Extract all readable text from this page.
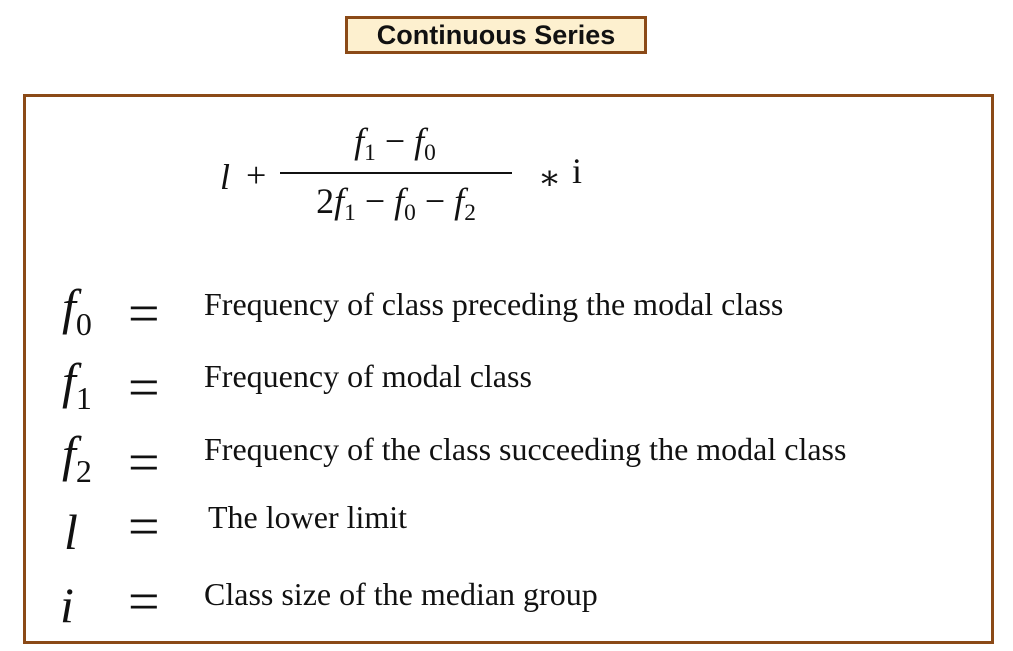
Continuous Series
l +
$f_1 - f_0$
$2f_1 - f_0 - f_2$
∗ i
$f_0$ = Frequency of class preceding the modal class
$f_1$ = Frequency of modal class
$f_2$ = Frequency of the class succeeding the modal class
l = The lower limit
i = Class size of the median group
